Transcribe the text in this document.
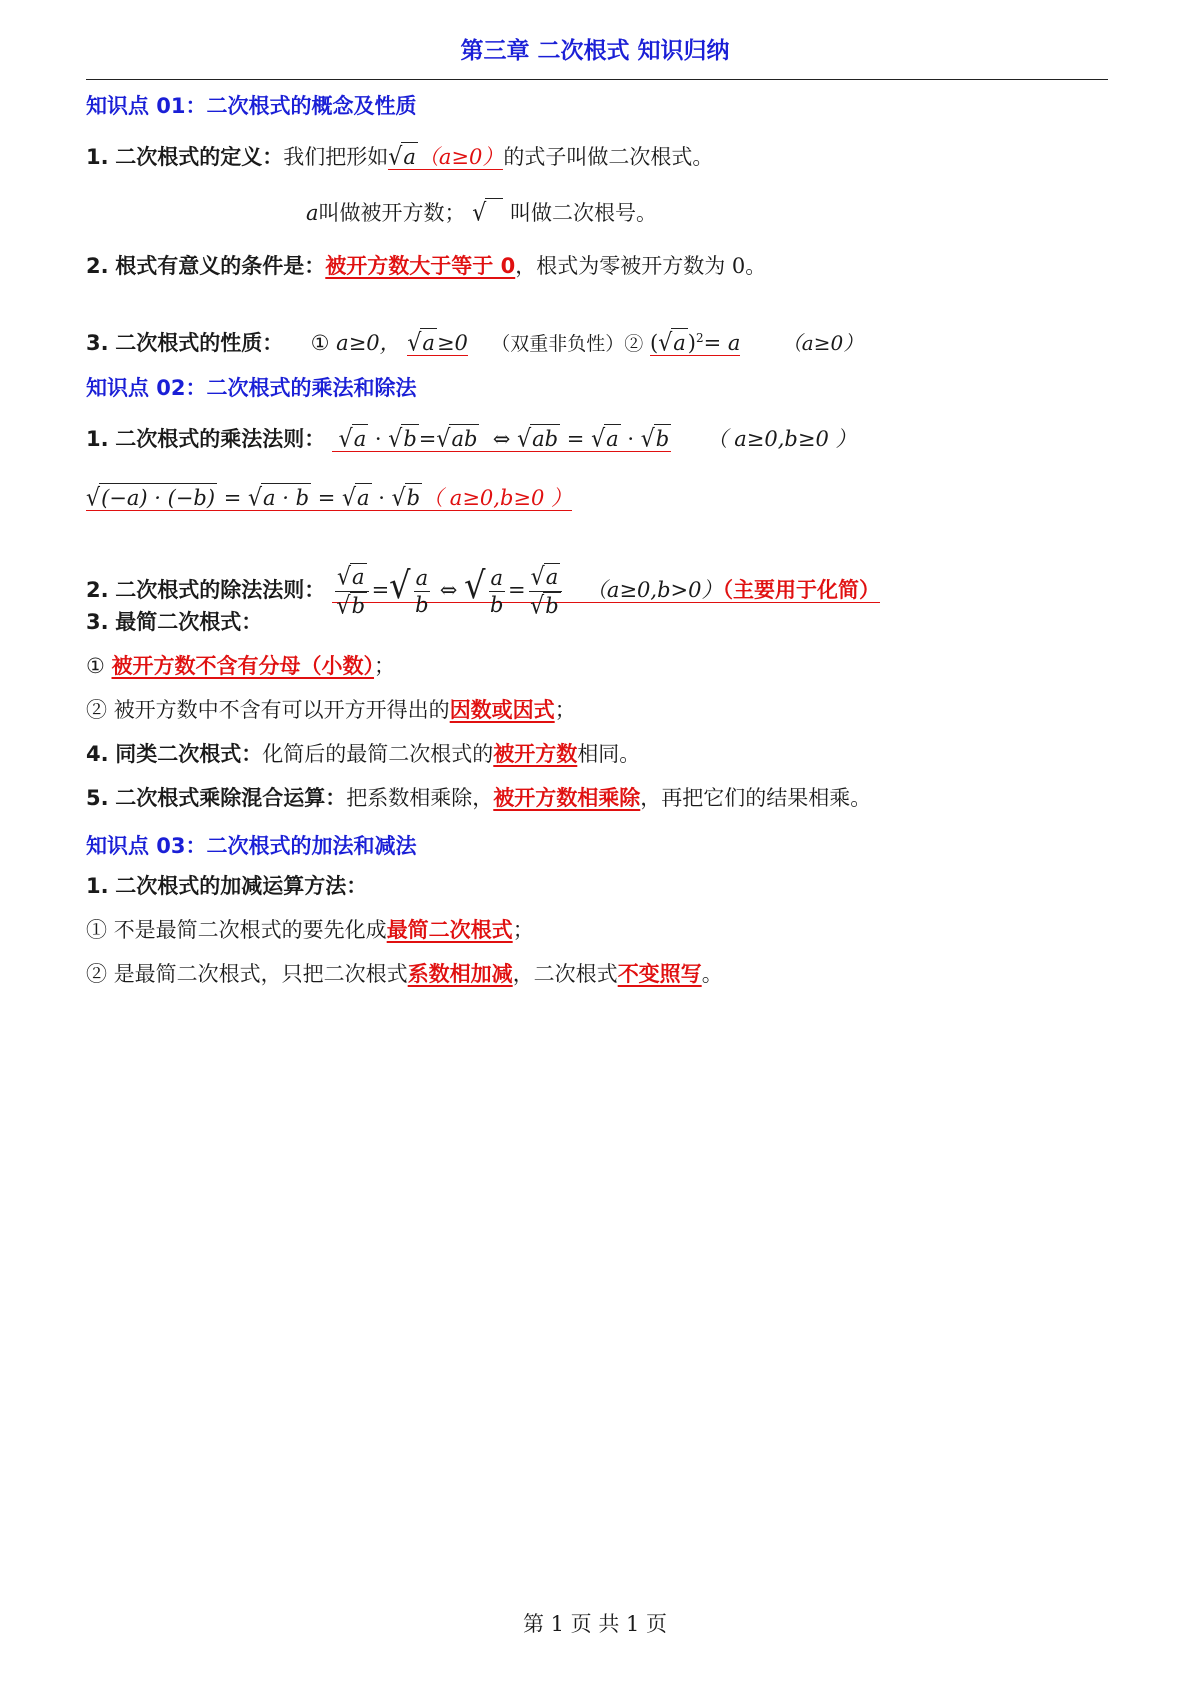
第三章 二次根式 知识归纳
知识点 01：二次根式的概念及性质
1. 二次根式的定义：我们把形如√a（a≥0）的式子叫做二次根式。
a叫做被开方数； √ 叫做二次根号。
2. 根式有意义的条件是：被开方数大于等于 0，根式为零被开方数为 0。
3. 二次根式的性质： ① a≥0， √a≥0 （双重非负性）② $(√a)^2= a$ （a≥0）
知识点 02：二次根式的乘法和除法
1. 二次根式的乘法法则： √a · √b=√ab ⇔ √ab = √a · √b （ a≥0,b≥0 ）
√(−a) · (−b) = √a · b = √a · √b（ a≥0,b≥0 ）
2. 二次根式的除法法则： $\frac{√a}{√b}$ =√ $\frac{a}{b}$ ⇔ √ $\frac{a}{b} = \frac{√a}{√b} (a\ge 0,b>0)$（主要用于化简）
3. 最简二次根式：
① 被开方数不含有分母（小数）；
② 被开方数中不含有可以开方开得出的因数或因式；
4. 同类二次根式：化简后的最简二次根式的被开方数相同。
5. 二次根式乘除混合运算：把系数相乘除，被开方数相乘除，再把它们的结果相乘。
知识点 03：二次根式的加法和减法
1. 二次根式的加减运算方法：
① 不是最简二次根式的要先化成最简二次根式；
② 是最简二次根式，只把二次根式系数相加减，二次根式不变照写。
第 1 页 共 1 页
